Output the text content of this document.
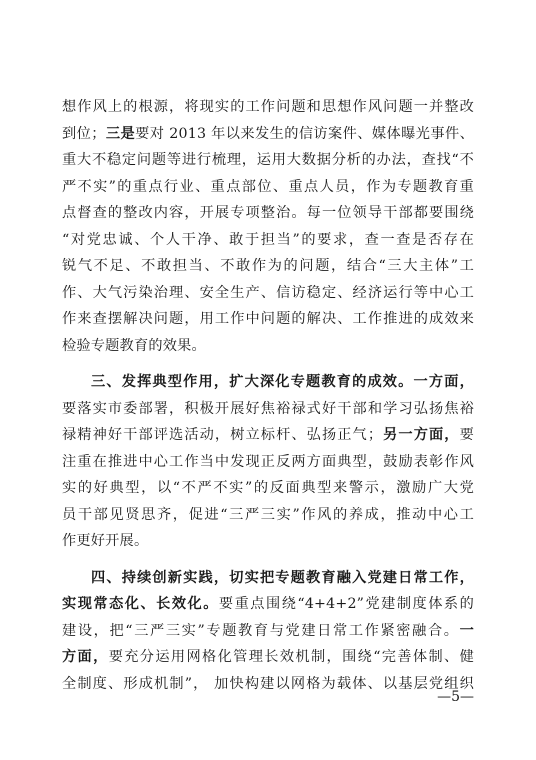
想作风上的根源，将现实的工作问题和思想作风问题一并整改
到位；三是要对 2013 年以来发生的信访案件、媒体曝光事件、
重大不稳定问题等进行梳理，运用大数据分析的办法，查找“不
严不实”的重点行业、重点部位、重点人员，作为专题教育重
点督查的整改内容，开展专项整治。每一位领导干部都要围绕
“对党忠诚、个人干净、敢于担当”的要求，查一查是否存在
锐气不足、不敢担当、不敢作为的问题，结合“三大主体”工
作、大气污染治理、安全生产、信访稳定、经济运行等中心工
作来查摆解决问题，用工作中问题的解决、工作推进的成效来
检验专题教育的效果。
三、发挥典型作用，扩大深化专题教育的成效。一方面，
要落实市委部署，积极开展好焦裕禄式好干部和学习弘扬焦裕
禄精神好干部评选活动，树立标杆、弘扬正气；另一方面，要
注重在推进中心工作当中发现正反两方面典型，鼓励表彰作风
实的好典型，以“不严不实”的反面典型来警示，激励广大党
员干部见贤思齐，促进“三严三实”作风的养成，推动中心工
作更好开展。
四、持续创新实践，切实把专题教育融入党建日常工作，
实现常态化、长效化。要重点围绕“4+4+2”党建制度体系的
建设，把“三严三实”专题教育与党建日常工作紧密融合。一
方面，要充分运用网格化管理长效机制，围绕“完善体制、健
全制度、形成机制”， 加快构建以网格为载体、以基层党组织
—5—
